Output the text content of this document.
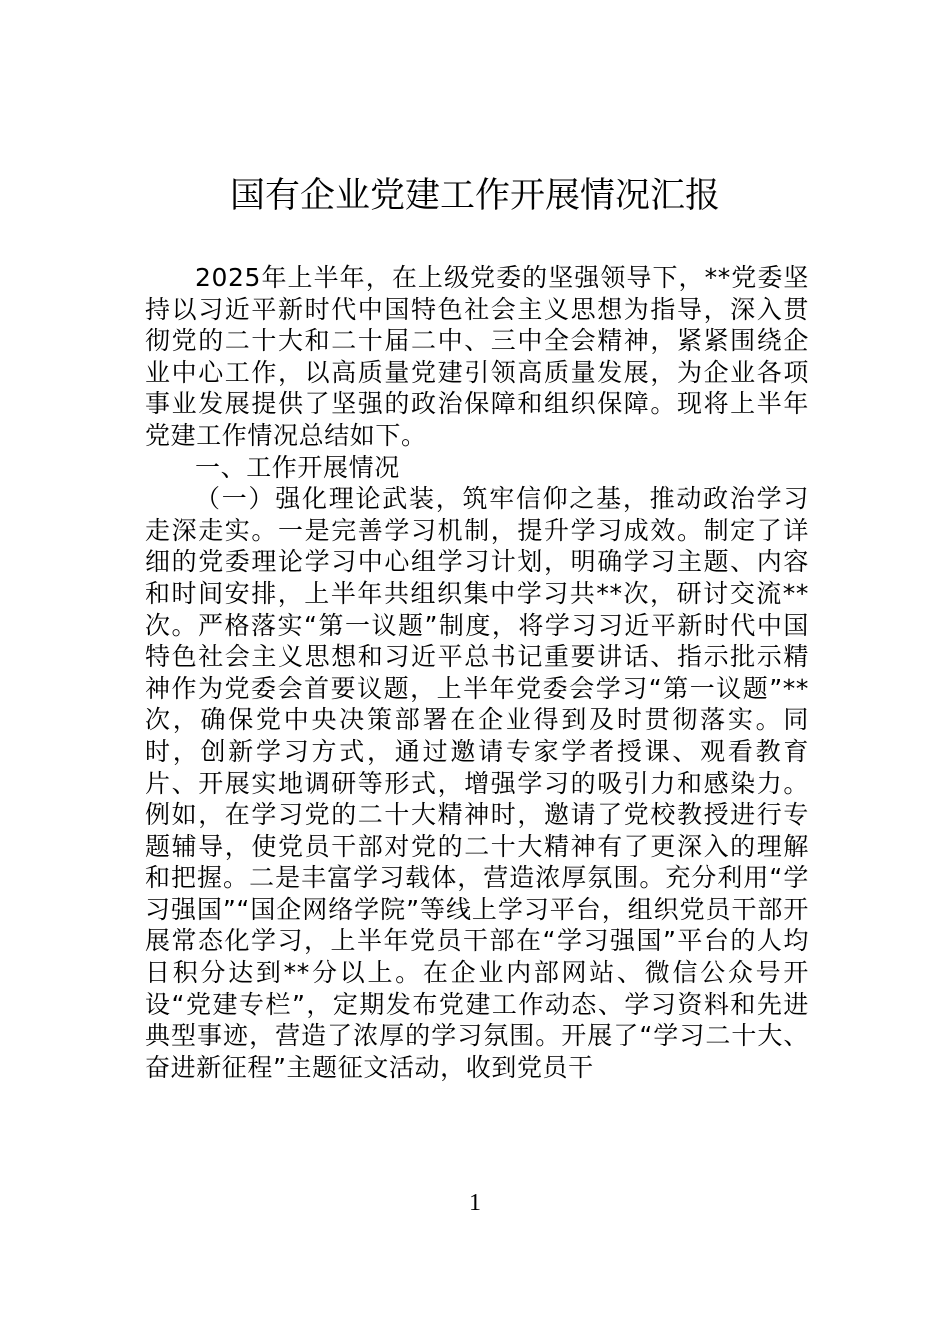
国有企业党建工作开展情况汇报

2025年上半年，在上级党委的坚强领导下，**党委坚持以习近平新时代中国特色社会主义思想为指导，深入贯彻党的二十大和二十届二中、三中全会精神，紧紧围绕企业中心工作，以高质量党建引领高质量发展，为企业各项事业发展提供了坚强的政治保障和组织保障。现将上半年党建工作情况总结如下。

一、工作开展情况

（一）强化理论武装，筑牢信仰之基，推动政治学习走深走实。一是完善学习机制，提升学习成效。制定了详细的党委理论学习中心组学习计划，明确学习主题、内容和时间安排，上半年共组织集中学习共**次，研讨交流**次。严格落实“第一议题”制度，将学习习近平新时代中国特色社会主义思想和习近平总书记重要讲话、指示批示精神作为党委会首要议题，上半年党委会学习“第一议题”**次，确保党中央决策部署在企业得到及时贯彻落实。同时，创新学习方式，通过邀请专家学者授课、观看教育片、开展实地调研等形式，增强学习的吸引力和感染力。例如，在学习党的二十大精神时，邀请了党校教授进行专题辅导，使党员干部对党的二十大精神有了更深入的理解和把握。二是丰富学习载体，营造浓厚氛围。充分利用“学习强国”“国企网络学院”等线上学习平台，组织党员干部开展常态化学习，上半年党员干部在“学习强国”平台的人均日积分达到**分以上。在企业内部网站、微信公众号开设“党建专栏”，定期发布党建工作动态、学习资料和先进典型事迹，营造了浓厚的学习氛围。开展了“学习二十大、奋进新征程”主题征文活动，收到党员干

1
